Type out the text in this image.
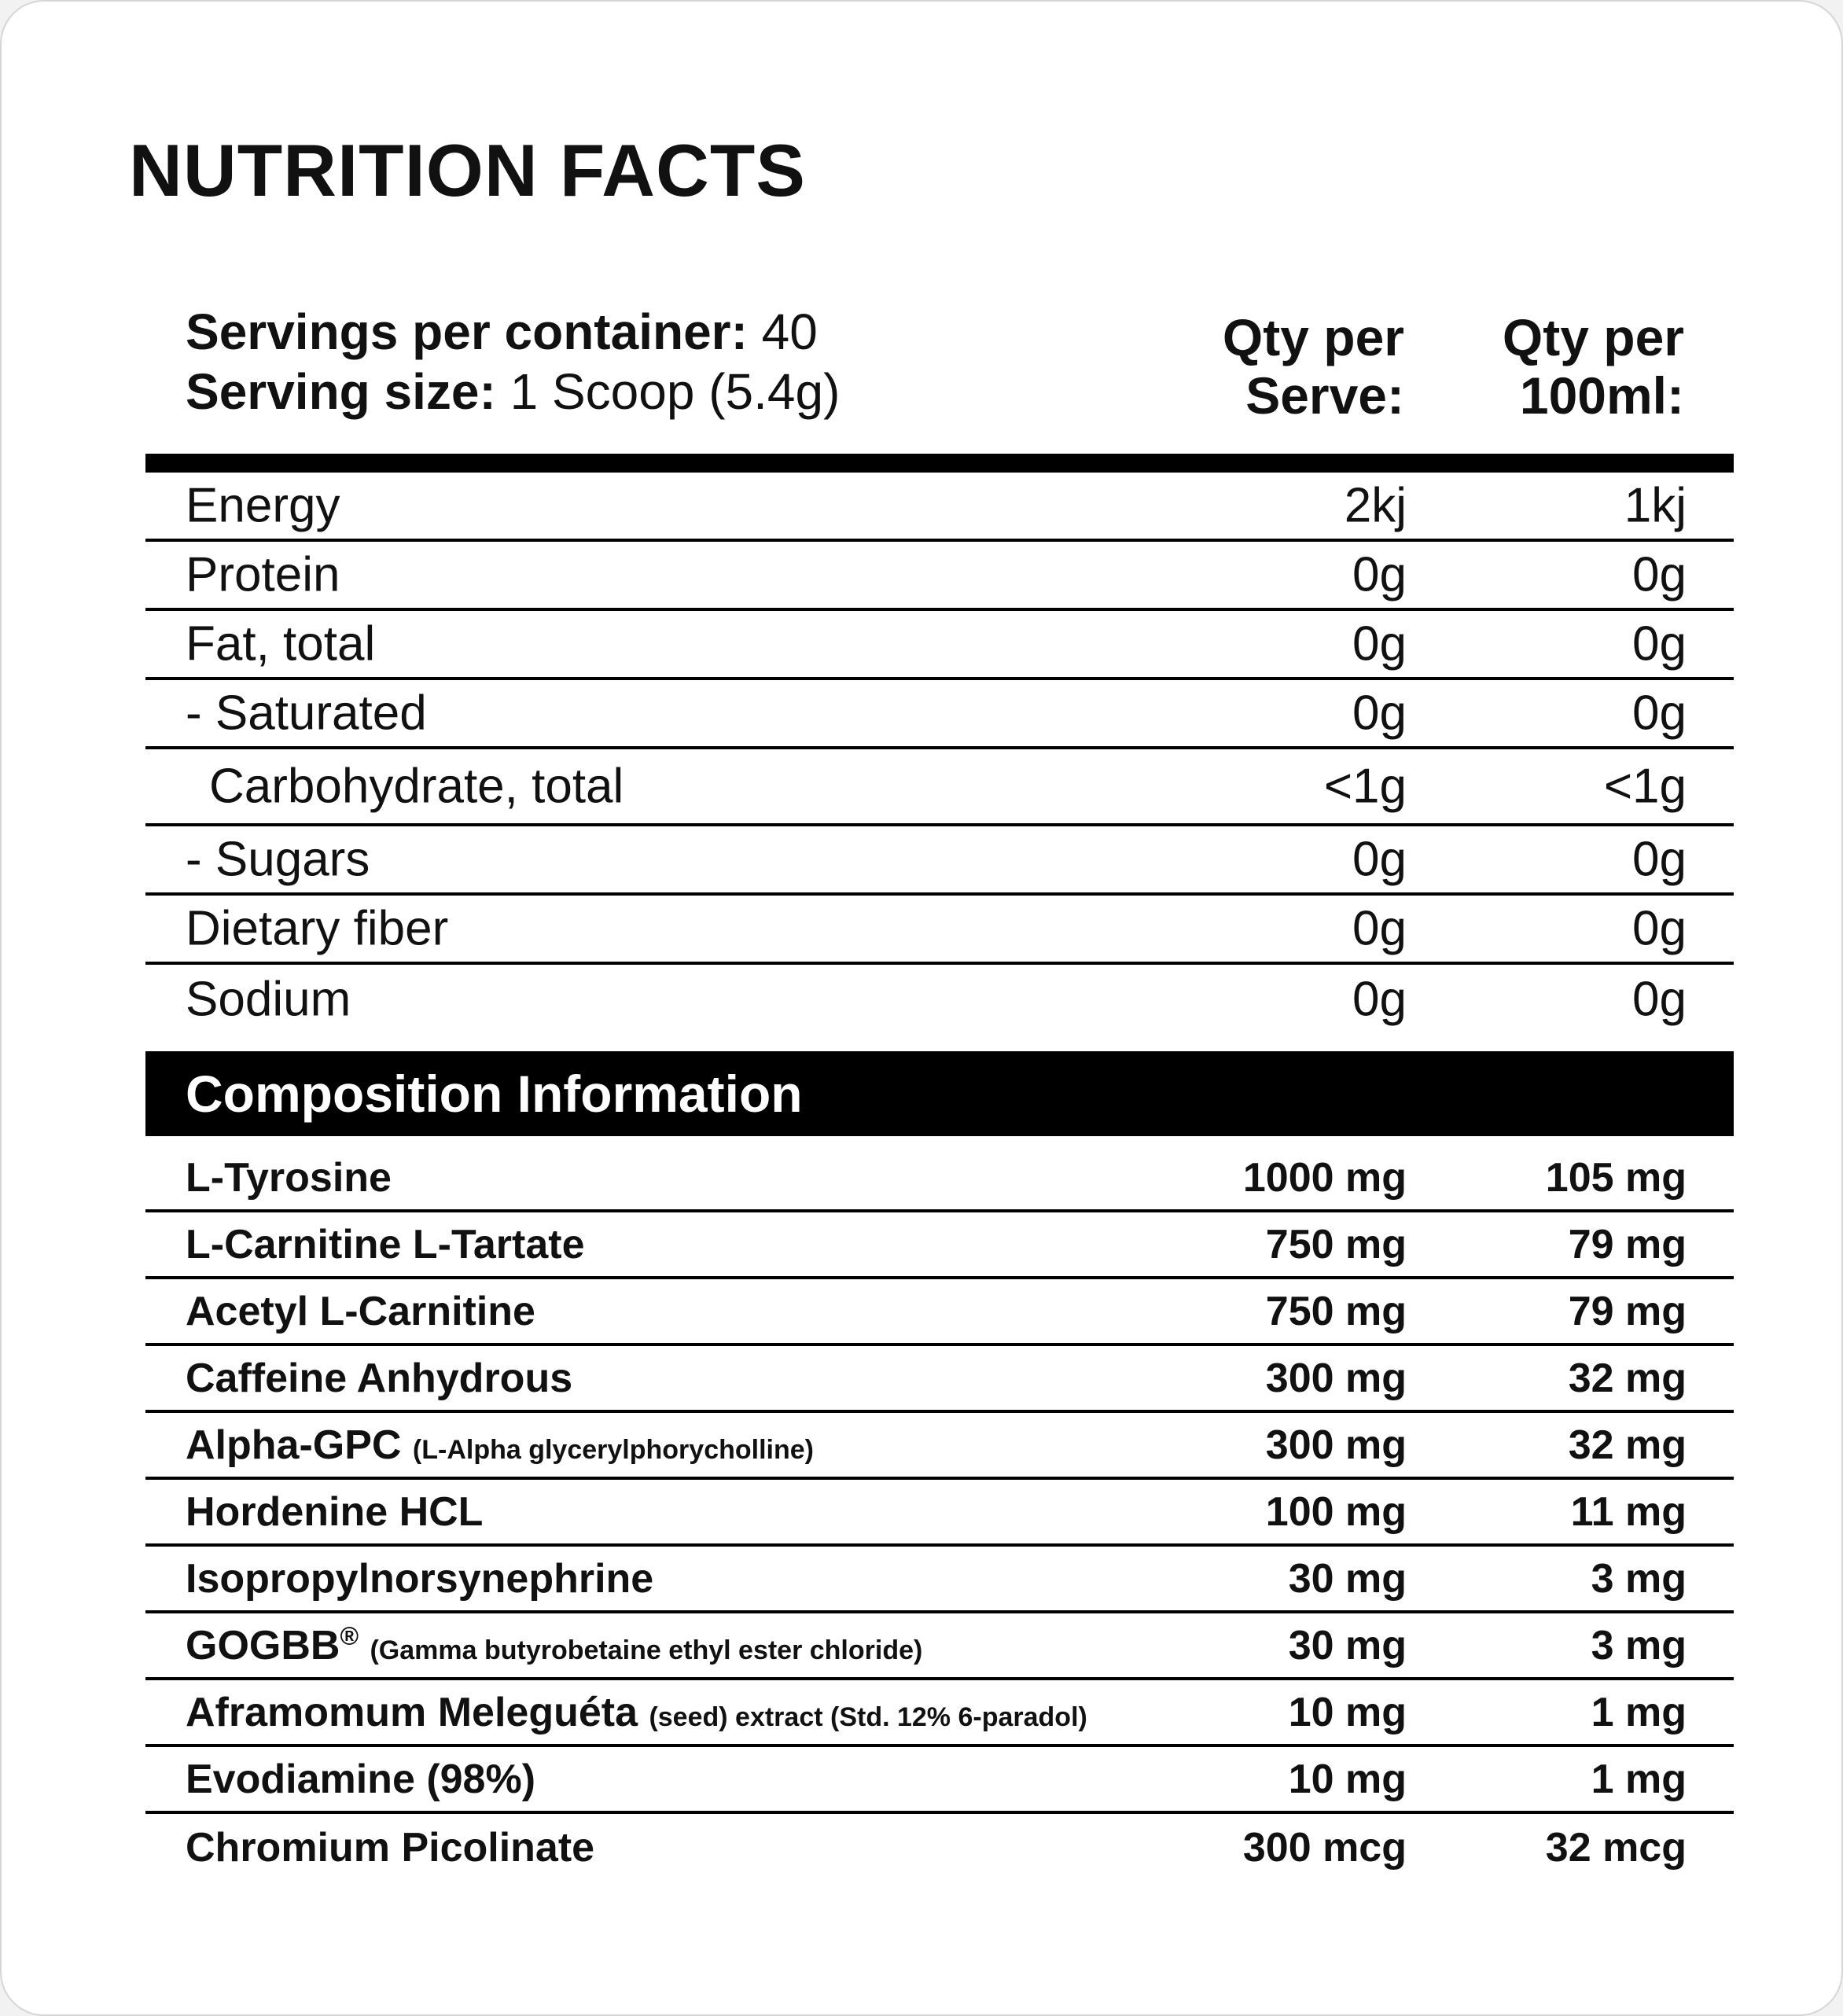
NUTRITION FACTS
Servings per container: 40
Serving size: 1 Scoop (5.4g)
Qty per
Serve:
Qty per
100ml:
Energy	2kj	1kj
Protein	0g	0g
Fat, total	0g	0g
- Saturated	0g	0g
Carbohydrate, total	<1g	<1g
- Sugars	0g	0g
Dietary fiber	0g	0g
Sodium	0g	0g
Composition Information
L-Tyrosine	1000 mg	105 mg
L-Carnitine L-Tartate	750 mg	79 mg
Acetyl L-Carnitine	750 mg	79 mg
Caffeine Anhydrous	300 mg	32 mg
Alpha-GPC (L-Alpha glycerylphorycholline)	300 mg	32 mg
Hordenine HCL	100 mg	11 mg
Isopropylnorsynephrine	30 mg	3 mg
GOGBB® (Gamma butyrobetaine ethyl ester chloride)	30 mg	3 mg
Aframomum Meleguéta (seed) extract (Std. 12% 6-paradol)	10 mg	1 mg
Evodiamine (98%)	10 mg	1 mg
Chromium Picolinate	300 mcg	32 mcg
